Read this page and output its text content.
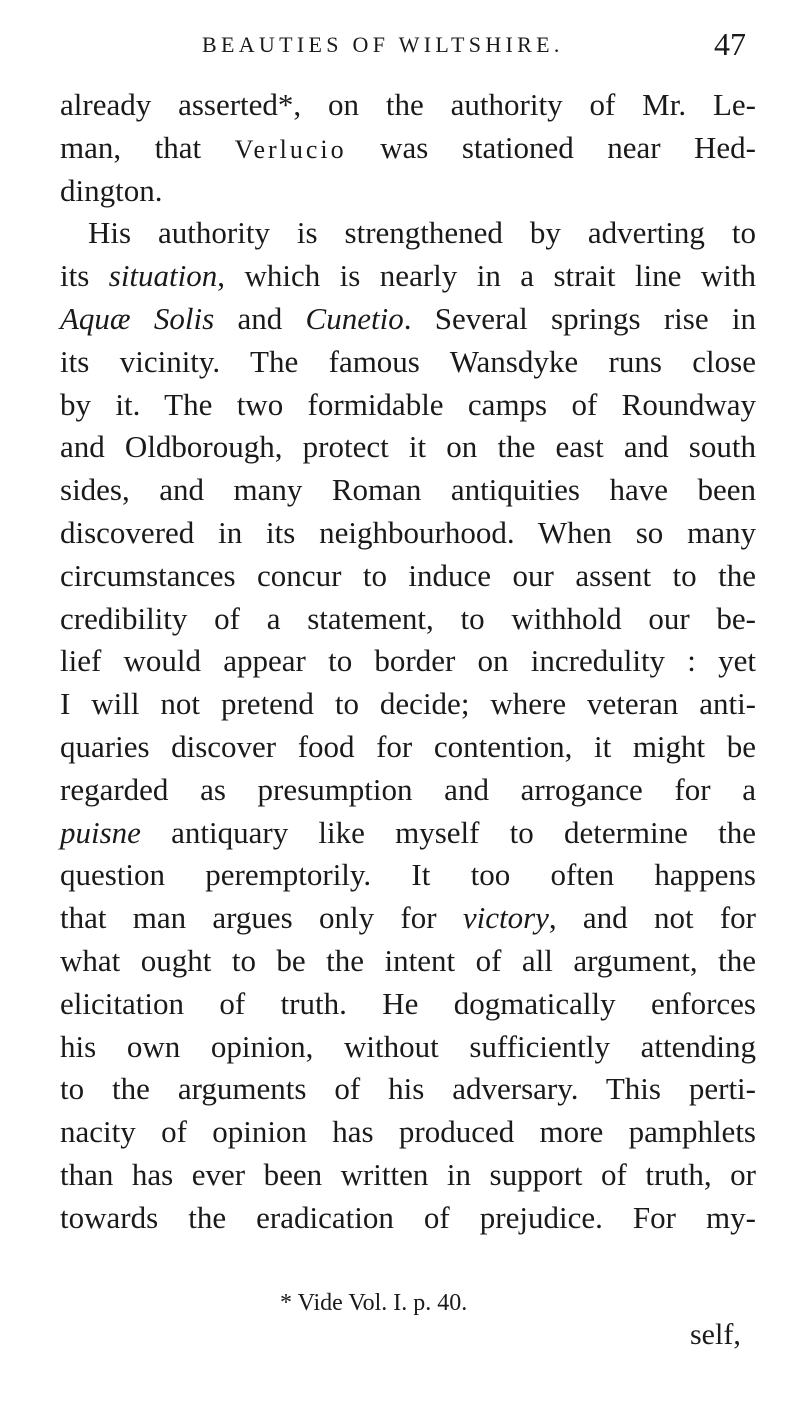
BEAUTIES OF WILTSHIRE.	47
already asserted*, on the authority of Mr. Le-
man, that Verlucio was stationed near Hed-
dington.
His authority is strengthened by adverting to
its situation, which is nearly in a strait line with
Aquæ Solis and Cunetio. Several springs rise in
its vicinity. The famous Wansdyke runs close
by it. The two formidable camps of Roundway
and Oldborough, protect it on the east and south
sides, and many Roman antiquities have been
discovered in its neighbourhood. When so many
circumstances concur to induce our assent to the
credibility of a statement, to withhold our be-
lief would appear to border on incredulity : yet
I will not pretend to decide; where veteran anti-
quaries discover food for contention, it might be
regarded as presumption and arrogance for a
puisne antiquary like myself to determine the
question peremptorily. It too often happens
that man argues only for victory, and not for
what ought to be the intent of all argument, the
elicitation of truth. He dogmatically enforces
his own opinion, without sufficiently attending
to the arguments of his adversary. This perti-
nacity of opinion has produced more pamphlets
than has ever been written in support of truth, or
towards the eradication of prejudice. For my-
* Vide Vol. I. p. 40.
self,
